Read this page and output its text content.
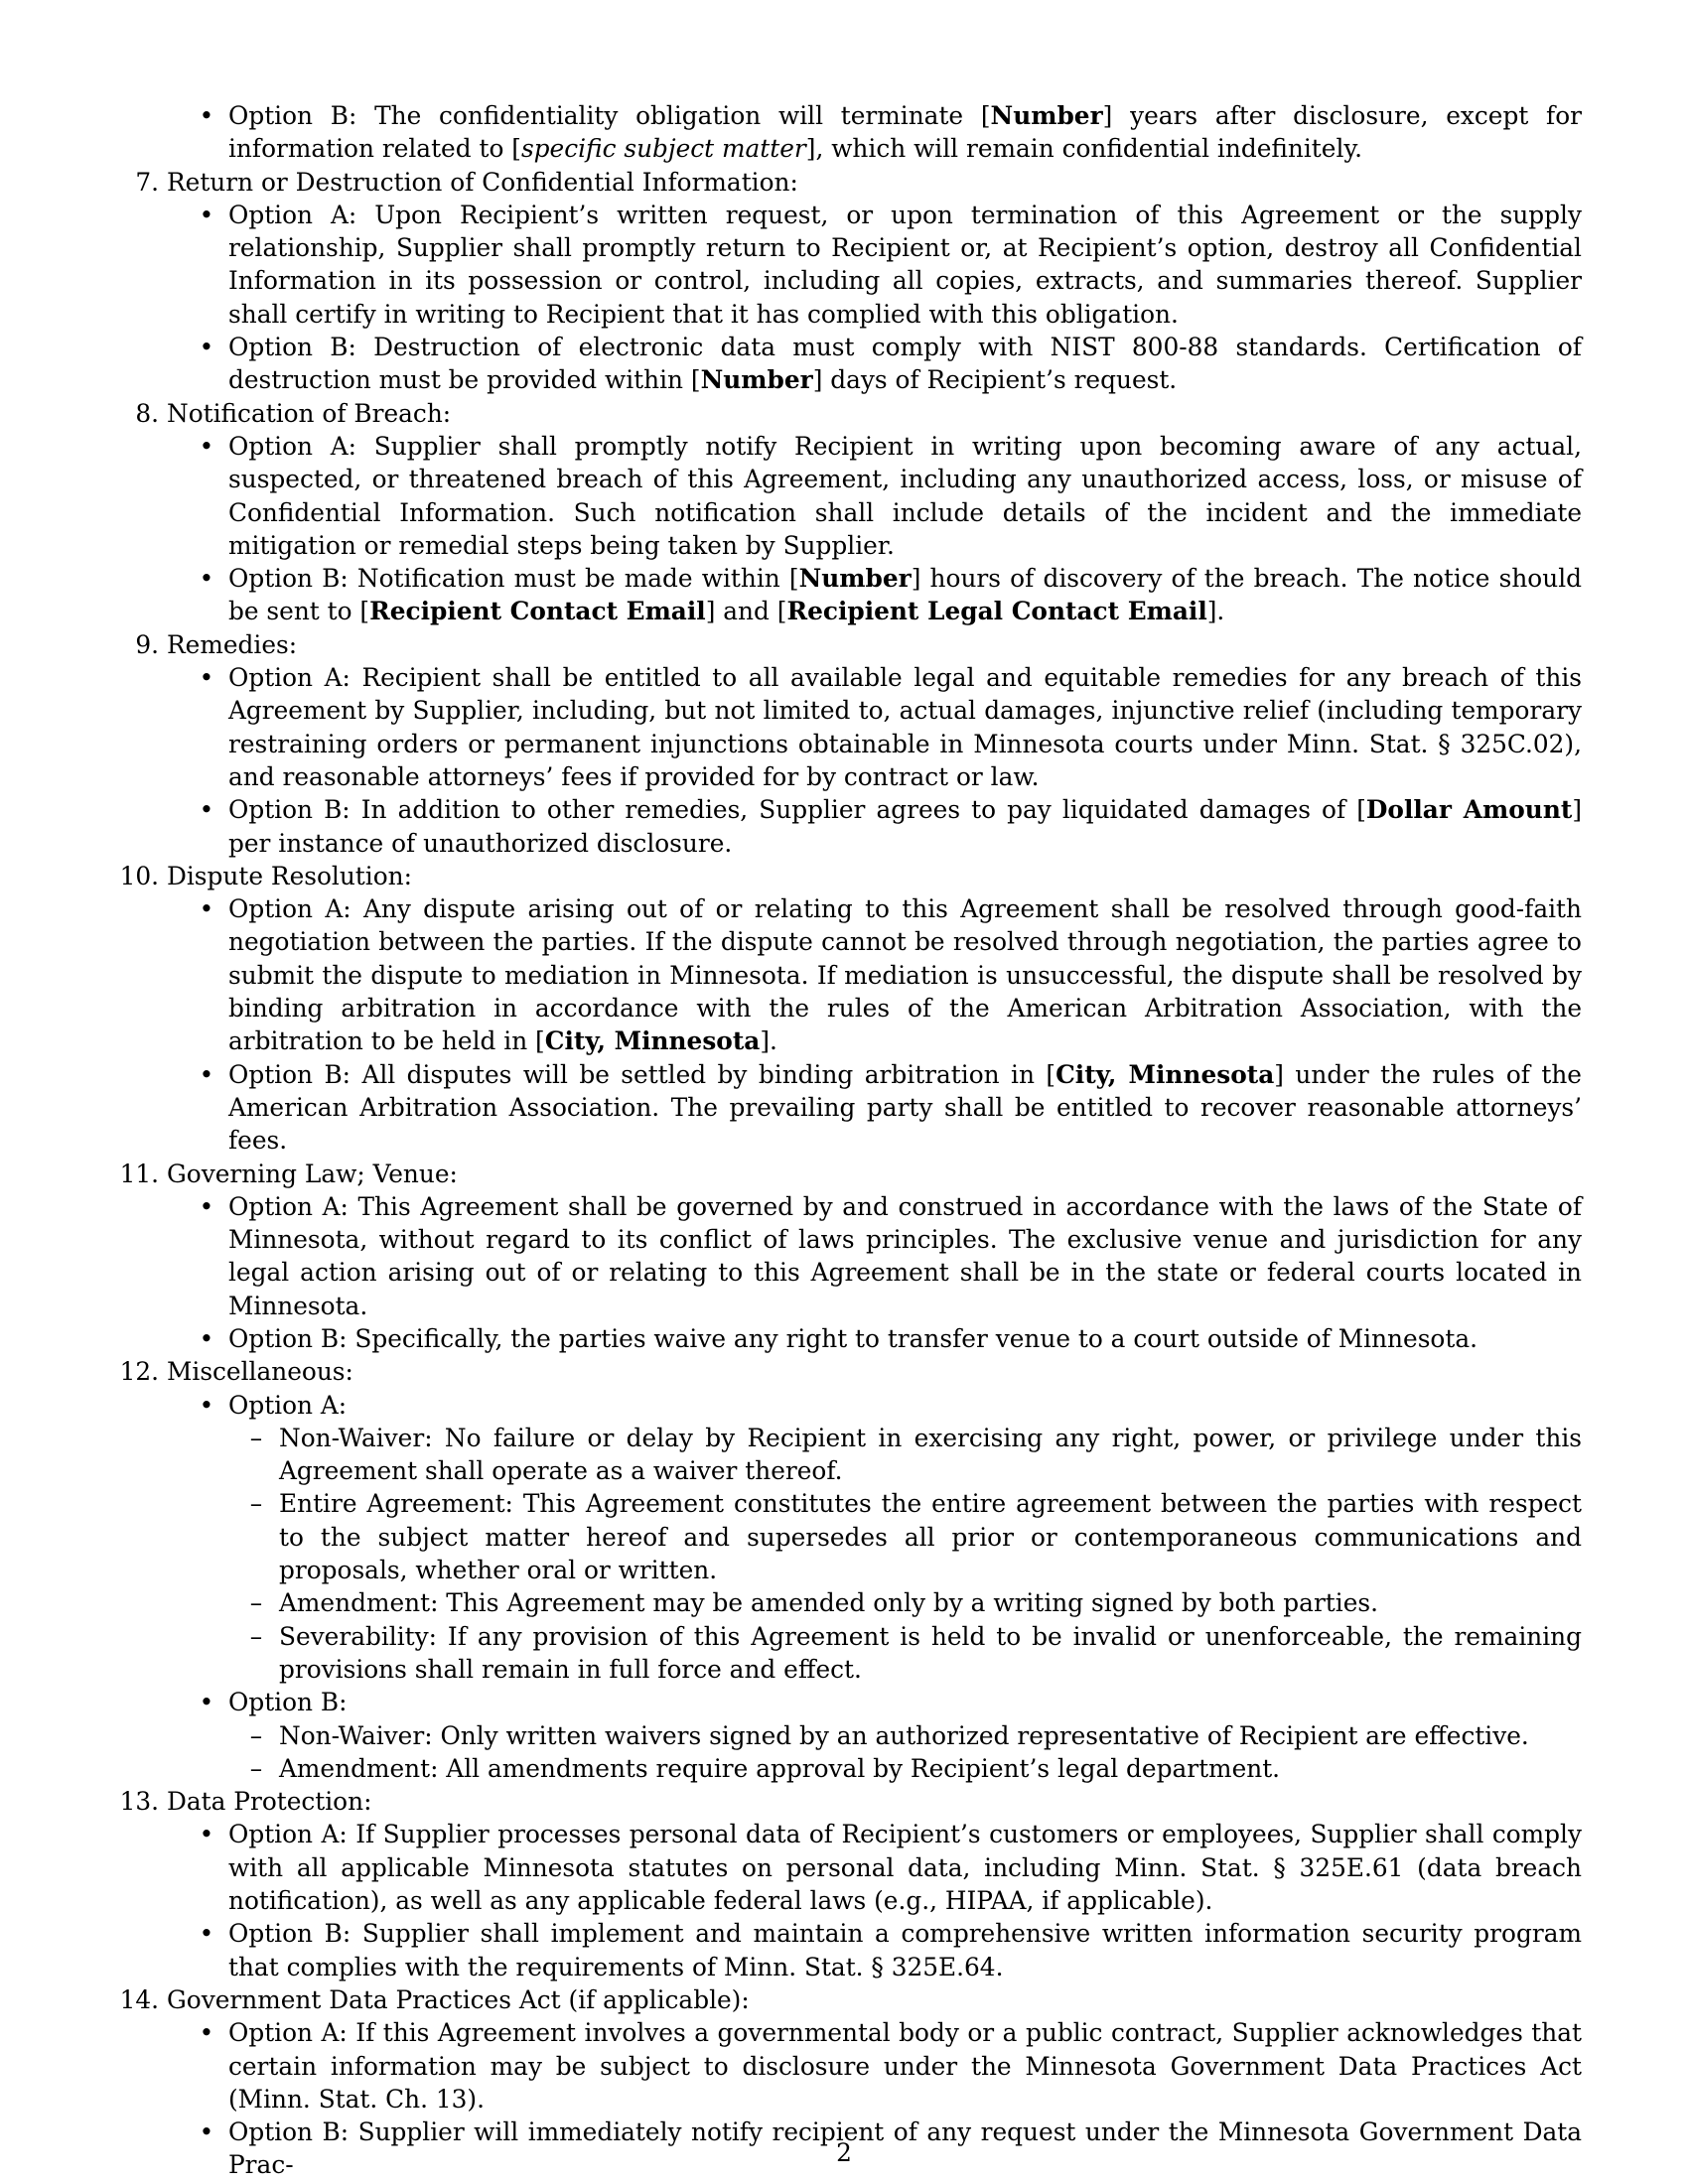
• Option B: The confidentiality obligation will terminate [Number] years after disclosure, except for information related to [specific subject matter], which will remain confidential indefinitely.
7. Return or Destruction of Confidential Information:
• Option A: Upon Recipient’s written request, or upon termination of this Agreement or the supply relationship, Supplier shall promptly return to Recipient or, at Recipient’s option, destroy all Confidential Information in its possession or control, including all copies, extracts, and summaries thereof. Supplier shall certify in writing to Recipient that it has complied with this obligation.
• Option B: Destruction of electronic data must comply with NIST 800-88 standards. Certification of destruction must be provided within [Number] days of Recipient’s request.
8. Notification of Breach:
• Option A: Supplier shall promptly notify Recipient in writing upon becoming aware of any actual, suspected, or threatened breach of this Agreement, including any unauthorized access, loss, or misuse of Confidential Information. Such notification shall include details of the incident and the immediate mitigation or remedial steps being taken by Supplier.
• Option B: Notification must be made within [Number] hours of discovery of the breach. The notice should be sent to [Recipient Contact Email] and [Recipient Legal Contact Email].
9. Remedies:
• Option A: Recipient shall be entitled to all available legal and equitable remedies for any breach of this Agreement by Supplier, including, but not limited to, actual damages, injunctive relief (including temporary restraining orders or permanent injunctions obtainable in Minnesota courts under Minn. Stat. § 325C.02), and reasonable attorneys’ fees if provided for by contract or law.
• Option B: In addition to other remedies, Supplier agrees to pay liquidated damages of [Dollar Amount] per instance of unauthorized disclosure.
10. Dispute Resolution:
• Option A: Any dispute arising out of or relating to this Agreement shall be resolved through good-faith negotiation between the parties. If the dispute cannot be resolved through negotiation, the parties agree to submit the dispute to mediation in Minnesota. If mediation is unsuccessful, the dispute shall be resolved by binding arbitration in accordance with the rules of the American Arbitration Association, with the arbitration to be held in [City, Minnesota].
• Option B: All disputes will be settled by binding arbitration in [City, Minnesota] under the rules of the American Arbitration Association. The prevailing party shall be entitled to recover reasonable attorneys’ fees.
11. Governing Law; Venue:
• Option A: This Agreement shall be governed by and construed in accordance with the laws of the State of Minnesota, without regard to its conflict of laws principles. The exclusive venue and jurisdiction for any legal action arising out of or relating to this Agreement shall be in the state or federal courts located in Minnesota.
• Option B: Specifically, the parties waive any right to transfer venue to a court outside of Minnesota.
12. Miscellaneous:
• Option A:
– Non-Waiver: No failure or delay by Recipient in exercising any right, power, or privilege under this Agreement shall operate as a waiver thereof.
– Entire Agreement: This Agreement constitutes the entire agreement between the parties with respect to the subject matter hereof and supersedes all prior or contemporaneous communications and proposals, whether oral or written.
– Amendment: This Agreement may be amended only by a writing signed by both parties.
– Severability: If any provision of this Agreement is held to be invalid or unenforceable, the remaining provisions shall remain in full force and effect.
• Option B:
– Non-Waiver: Only written waivers signed by an authorized representative of Recipient are effective.
– Amendment: All amendments require approval by Recipient’s legal department.
13. Data Protection:
• Option A: If Supplier processes personal data of Recipient’s customers or employees, Supplier shall comply with all applicable Minnesota statutes on personal data, including Minn. Stat. § 325E.61 (data breach notification), as well as any applicable federal laws (e.g., HIPAA, if applicable).
• Option B: Supplier shall implement and maintain a comprehensive written information security program that complies with the requirements of Minn. Stat. § 325E.64.
14. Government Data Practices Act (if applicable):
• Option A: If this Agreement involves a governmental body or a public contract, Supplier acknowledges that certain information may be subject to disclosure under the Minnesota Government Data Practices Act (Minn. Stat. Ch. 13).
• Option B: Supplier will immediately notify recipient of any request under the Minnesota Government Data Prac-	2
